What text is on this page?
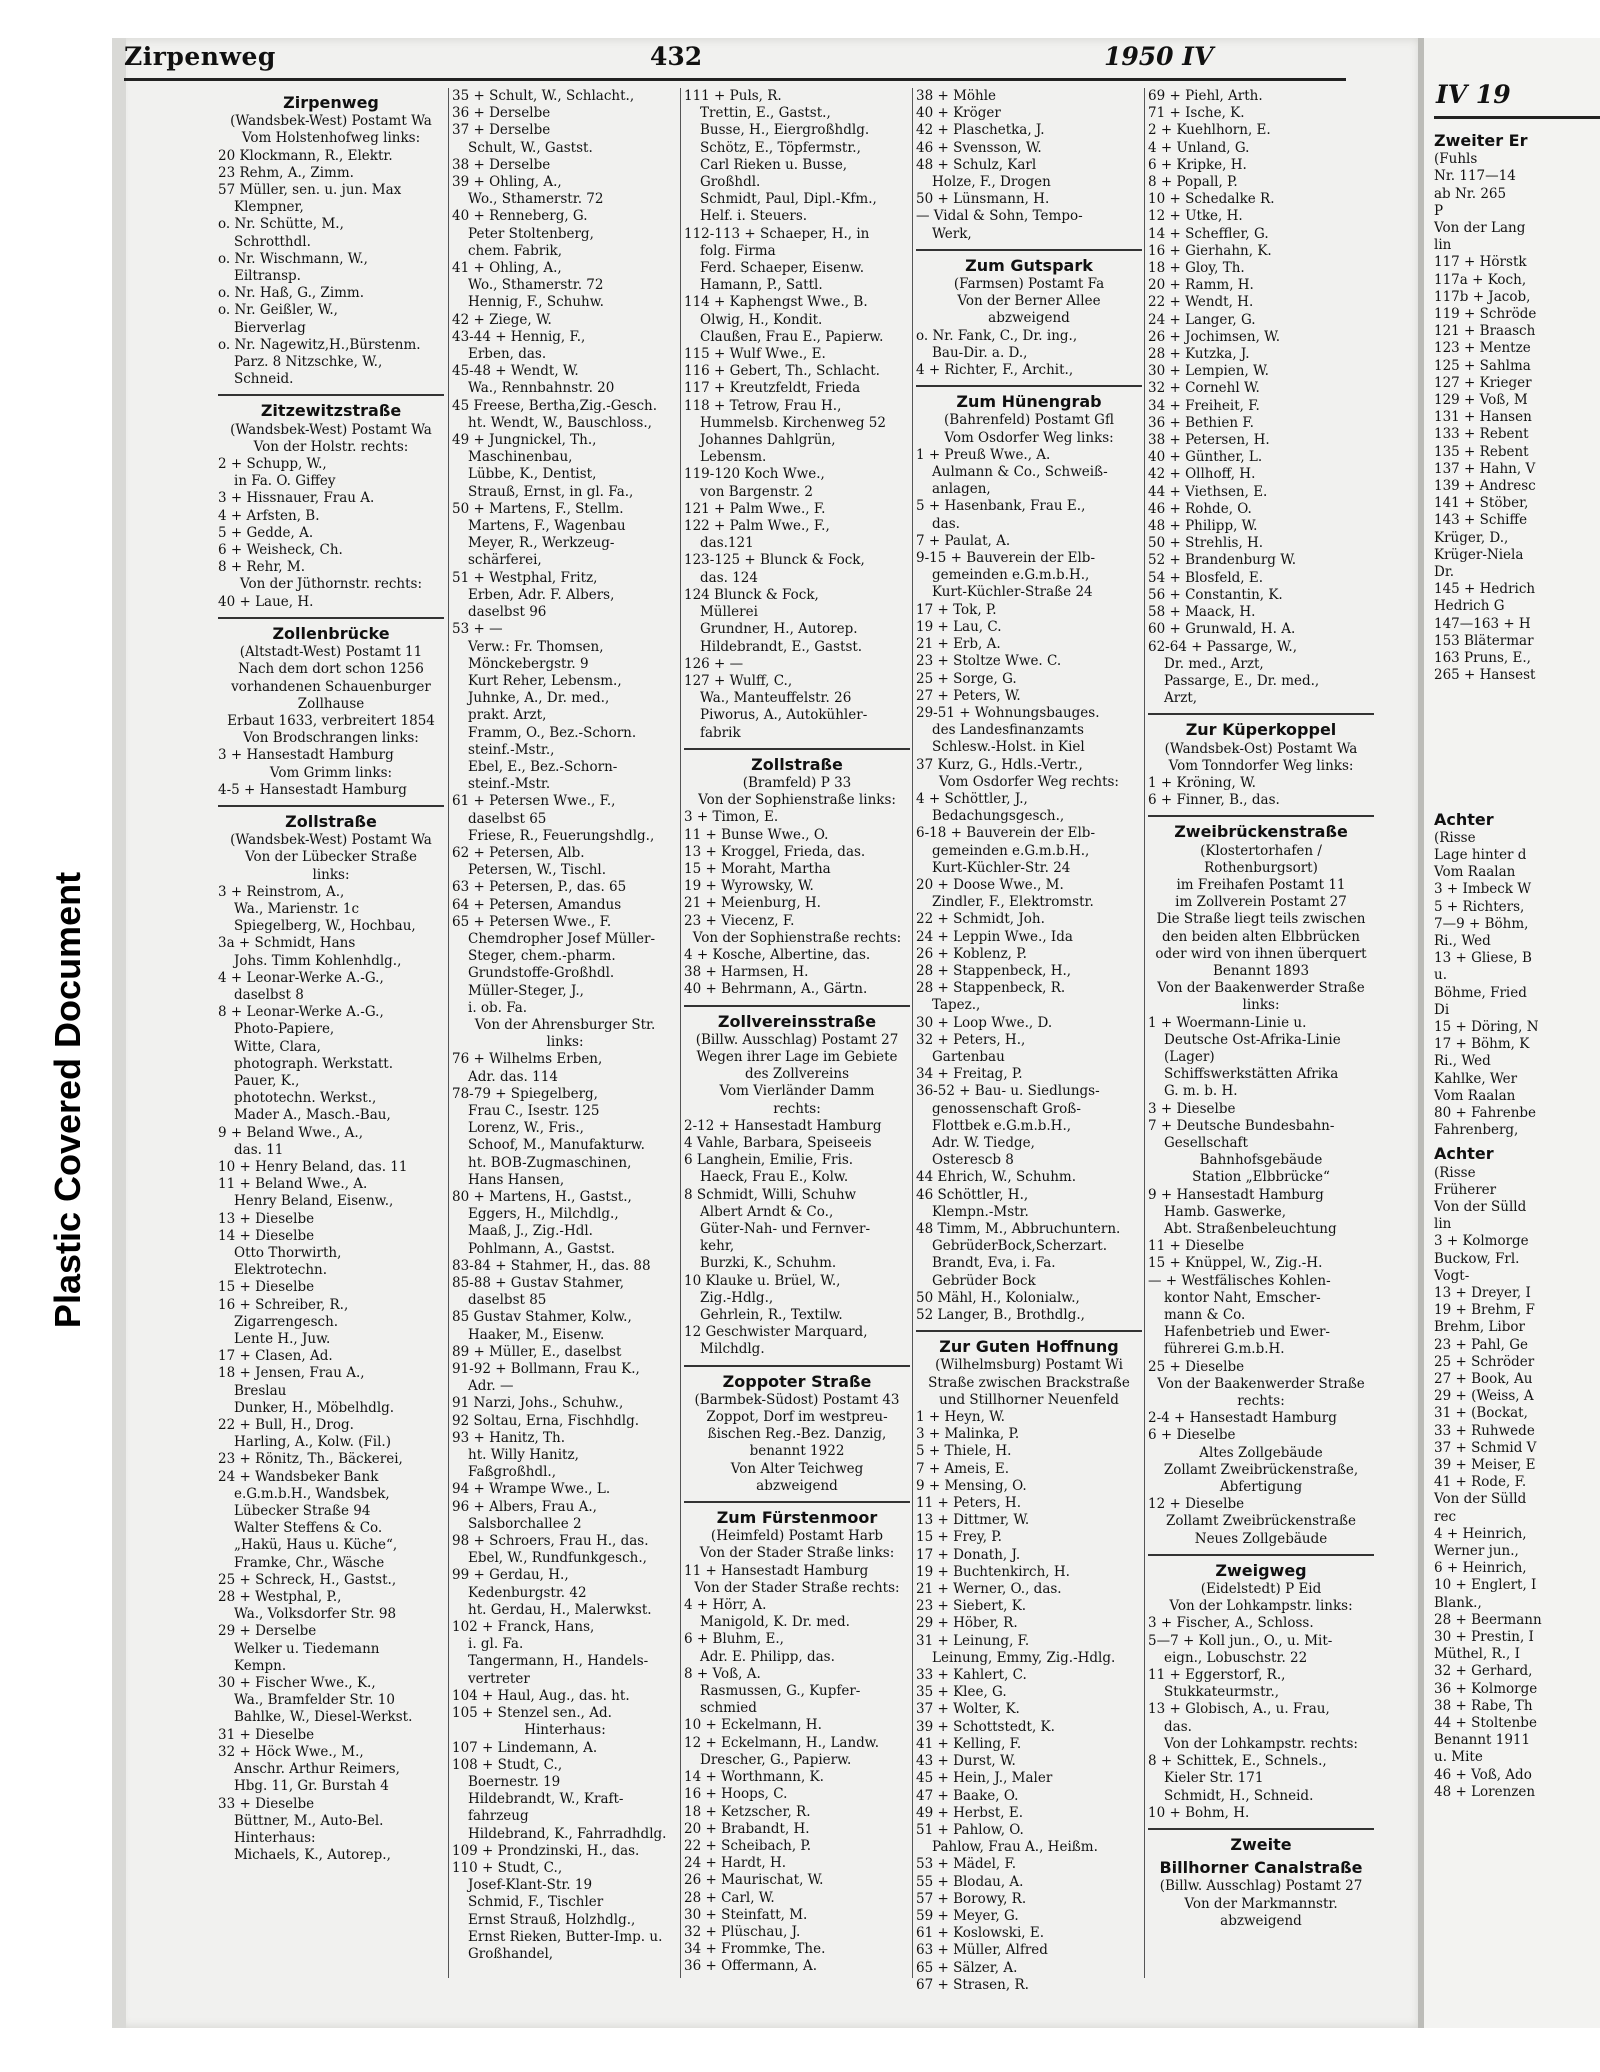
Plastic Covered Document
IV 19
Zweiter Er

(Fuhls

Nr. 117—14

ab Nr. 265

P

Von der Lang

lin

117 + Hörstk

117a + Koch,

117b + Jacob,

119 + Schröde

121 + Braasch

123 + Mentze

125 + Sahlma

127 + Krieger

129 + Voß, M

131 + Hansen

133 + Rebent

135 + Rebent

137 + Hahn, V

139 + Andresc

141 + Stöber,

143 + Schiffe

Krüger, D.,

Krüger-Niela

Dr.

145 + Hedrich

Hedrich G

147—163 + H

153 Blätermar

163 Pruns, E.,

265 + Hansest

Achter

(Risse

Lage hinter d

Vom Raalan

3 + Imbeck W

5 + Richters,

7—9 + Böhm,

Ri., Wed

13 + Gliese, B

u.

Böhme, Fried

Di

15 + Döring, N

17 + Böhm, K

Ri., Wed

Kahlke, Wer

Vom Raalan

80 + Fahrenbe

Fahrenberg,

Achter

(Risse

Früherer

Von der Sülld

lin

3 + Kolmorge

Buckow, Frl.

Vogt-

13 + Dreyer, I

19 + Brehm, F

Brehm, Libor

23 + Pahl, Ge

25 + Schröder

27 + Book, Au

29 + (Weiss, A

31 + (Bockat,

33 + Ruhwede

37 + Schmid V

39 + Meiser, E

41 + Rode, F.

Von der Sülld

rec

4 + Heinrich,

Werner jun.,

6 + Heinrich,

10 + Englert, I

Blank.,

28 + Beermann

30 + Prestin, I

Müthel, R., I

32 + Gerhard,

36 + Kolmorge

38 + Rabe, Th

44 + Stoltenbe

Benannt 1911

u. Mite

46 + Voß, Ado

48 + Lorenzen

Zirpenweg	432	1950 IV
Zirpenweg

(Wandsbek-West) Postamt Wa

Vom Holstenhofweg links:

20 Klockmann, R., Elektr.

23 Rehm, A., Zimm.

57 Müller, sen. u. jun. Max

Klempner,

o. Nr. Schütte, M.,

Schrotthdl.

o. Nr. Wischmann, W.,

Eiltransp.

o. Nr. Haß, G., Zimm.

o. Nr. Geißler, W.,

Bierverlag

o. Nr. Nagewitz,H.,Bürstenm.

Parz. 8 Nitzschke, W.,

Schneid.

Zitzewitzstraße

(Wandsbek-West) Postamt Wa

Von der Holstr. rechts:

2 + Schupp, W.,

in Fa. O. Giffey

3 + Hissnauer, Frau A.

4 + Arfsten, B.

5 + Gedde, A.

6 + Weisheck, Ch.

8 + Rehr, M.

Von der Jüthornstr. rechts:

40 + Laue, H.

Zollenbrücke

(Altstadt-West) Postamt 11

Nach dem dort schon 1256

vorhandenen Schauenburger

Zollhause

Erbaut 1633, verbreitert 1854

Von Brodschrangen links:

3 + Hansestadt Hamburg

Vom Grimm links:

4-5 + Hansestadt Hamburg

Zollstraße

(Wandsbek-West) Postamt Wa

Von der Lübecker Straße

links:

3 + Reinstrom, A.,

Wa., Marienstr. 1c

Spiegelberg, W., Hochbau,

3a + Schmidt, Hans

Johs. Timm Kohlenhdlg.,

4 + Leonar-Werke A.-G.,

daselbst 8

8 + Leonar-Werke A.-G.,

Photo-Papiere,

Witte, Clara,

photograph. Werkstatt.

Pauer, K.,

phototechn. Werkst.,

Mader A., Masch.-Bau,

9 + Beland Wwe., A.,

das. 11

10 + Henry Beland, das. 11

11 + Beland Wwe., A.

Henry Beland, Eisenw.,

13 + Dieselbe

14 + Dieselbe

Otto Thorwirth,

Elektrotechn.

15 + Dieselbe

16 + Schreiber, R.,

Zigarrengesch.

Lente H., Juw.

17 + Clasen, Ad.

18 + Jensen, Frau A.,

Breslau

Dunker, H., Möbelhdlg.

22 + Bull, H., Drog.

Harling, A., Kolw. (Fil.)

23 + Rönitz, Th., Bäckerei,

24 + Wandsbeker Bank

e.G.m.b.H., Wandsbek,

Lübecker Straße 94

Walter Steffens & Co.

„Hakü, Haus u. Küche“,

Framke, Chr., Wäsche

25 + Schreck, H., Gastst.,

28 + Westphal, P.,

Wa., Volksdorfer Str. 98

29 + Derselbe

Welker u. Tiedemann

Kempn.

30 + Fischer Wwe., K.,

Wa., Bramfelder Str. 10

Bahlke, W., Diesel-Werkst.

31 + Dieselbe

32 + Höck Wwe., M.,

Anschr. Arthur Reimers,

Hbg. 11, Gr. Burstah 4

33 + Dieselbe

Büttner, M., Auto-Bel.

Hinterhaus:

Michaels, K., Autorep.,

35 + Schult, W., Schlacht.,

36 + Derselbe

37 + Derselbe

Schult, W., Gastst.

38 + Derselbe

39 + Ohling, A.,

Wo., Sthamerstr. 72

40 + Renneberg, G.

Peter Stoltenberg,

chem. Fabrik,

41 + Ohling, A.,

Wo., Sthamerstr. 72

Hennig, F., Schuhw.

42 + Ziege, W.

43-44 + Hennig, F.,

Erben, das.

45-48 + Wendt, W.

Wa., Rennbahnstr. 20

45 Freese, Bertha,Zig.-Gesch.

ht. Wendt, W., Bauschloss.,

49 + Jungnickel, Th.,

Maschinenbau,

Lübbe, K., Dentist,

Strauß, Ernst, in gl. Fa.,

50 + Martens, F., Stellm.

Martens, F., Wagenbau

Meyer, R., Werkzeug-

schärferei,

51 + Westphal, Fritz,

Erben, Adr. F. Albers,

daselbst 96

53 + —

Verw.: Fr. Thomsen,

Mönckebergstr. 9

Kurt Reher, Lebensm.,

Juhnke, A., Dr. med.,

prakt. Arzt,

Framm, O., Bez.-Schorn.

steinf.-Mstr.,

Ebel, E., Bez.-Schorn-

steinf.-Mstr.

61 + Petersen Wwe., F.,

daselbst 65

Friese, R., Feuerungshdlg.,

62 + Petersen, Alb.

Petersen, W., Tischl.

63 + Petersen, P., das. 65

64 + Petersen, Amandus

65 + Petersen Wwe., F.

Chemdropher Josef Müller-

Steger, chem.-pharm.

Grundstoffe-Großhdl.

Müller-Steger, J.,

i. ob. Fa.

Von der Ahrensburger Str.

links:

76 + Wilhelms Erben,

Adr. das. 114

78-79 + Spiegelberg,

Frau C., Isestr. 125

Lorenz, W., Fris.,

Schoof, M., Manufakturw.

ht. BOB-Zugmaschinen,

Hans Hansen,

80 + Martens, H., Gastst.,

Eggers, H., Milchdlg.,

Maaß, J., Zig.-Hdl.

Pohlmann, A., Gastst.

83-84 + Stahmer, H., das. 88

85-88 + Gustav Stahmer,

daselbst 85

85 Gustav Stahmer, Kolw.,

Haaker, M., Eisenw.

89 + Müller, E., daselbst

91-92 + Bollmann, Frau K.,

Adr. —

91 Narzi, Johs., Schuhw.,

92 Soltau, Erna, Fischhdlg.

93 + Hanitz, Th.

ht. Willy Hanitz,

Faßgroßhdl.,

94 + Wrampe Wwe., L.

96 + Albers, Frau A.,

Salsborchallee 2

98 + Schroers, Frau H., das.

Ebel, W., Rundfunkgesch.,

99 + Gerdau, H.,

Kedenburgstr. 42

ht. Gerdau, H., Malerwkst.

102 + Franck, Hans,

i. gl. Fa.

Tangermann, H., Handels-

vertreter

104 + Haul, Aug., das. ht.

105 + Stenzel sen., Ad.

Hinterhaus:

107 + Lindemann, A.

108 + Studt, C.,

Boernestr. 19

Hildebrandt, W., Kraft-

fahrzeug

Hildebrand, K., Fahrradhdlg.

109 + Prondzinski, H., das.

110 + Studt, C.,

Josef-Klant-Str. 19

Schmid, F., Tischler

Ernst Strauß, Holzhdlg.,

Ernst Rieken, Butter-Imp. u.

Großhandel,

111 + Puls, R.

Trettin, E., Gastst.,

Busse, H., Eiergroßhdlg.

Schötz, E., Töpfermstr.,

Carl Rieken u. Busse,

Großhdl.

Schmidt, Paul, Dipl.-Kfm.,

Helf. i. Steuers.

112-113 + Schaeper, H., in

folg. Firma

Ferd. Schaeper, Eisenw.

Hamann, P., Sattl.

114 + Kaphengst Wwe., B.

Olwig, H., Kondit.

Claußen, Frau E., Papierw.

115 + Wulf Wwe., E.

116 + Gebert, Th., Schlacht.

117 + Kreutzfeldt, Frieda

118 + Tetrow, Frau H.,

Hummelsb. Kirchenweg 52

Johannes Dahlgrün,

Lebensm.

119-120 Koch Wwe.,

von Bargenstr. 2

121 + Palm Wwe., F.

122 + Palm Wwe., F.,

das.121

123-125 + Blunck & Fock,

das. 124

124 Blunck & Fock,

Müllerei

Grundner, H., Autorep.

Hildebrandt, E., Gastst.

126 + —

127 + Wulff, C.,

Wa., Manteuffelstr. 26

Piworus, A., Autokühler-

fabrik

Zollstraße

(Bramfeld) P 33

Von der Sophienstraße links:

3 + Timon, E.

11 + Bunse Wwe., O.

13 + Kroggel, Frieda, das.

15 + Moraht, Martha

19 + Wyrowsky, W.

21 + Meienburg, H.

23 + Viecenz, F.

Von der Sophienstraße rechts:

4 + Kosche, Albertine, das.

38 + Harmsen, H.

40 + Behrmann, A., Gärtn.

Zollvereinsstraße

(Billw. Ausschlag) Postamt 27

Wegen ihrer Lage im Gebiete

des Zollvereins

Vom Vierländer Damm

rechts:

2-12 + Hansestadt Hamburg

4 Vahle, Barbara, Speiseeis

6 Langhein, Emilie, Fris.

Haeck, Frau E., Kolw.

8 Schmidt, Willi, Schuhw

Albert Arndt & Co.,

Güter-Nah- und Fernver-

kehr,

Burzki, K., Schuhm.

10 Klauke u. Brüel, W.,

Zig.-Hdlg.,

Gehrlein, R., Textilw.

12 Geschwister Marquard,

Milchdlg.

Zoppoter Straße

(Barmbek-Südost) Postamt 43

Zoppot, Dorf im westpreu-

ßischen Reg.-Bez. Danzig,

benannt 1922

Von Alter Teichweg

abzweigend

Zum Fürstenmoor

(Heimfeld) Postamt Harb

Von der Stader Straße links:

11 + Hansestadt Hamburg

Von der Stader Straße rechts:

4 + Hörr, A.

Manigold, K. Dr. med.

6 + Bluhm, E.,

Adr. E. Philipp, das.

8 + Voß, A.

Rasmussen, G., Kupfer-

schmied

10 + Eckelmann, H.

12 + Eckelmann, H., Landw.

Drescher, G., Papierw.

14 + Worthmann, K.

16 + Hoops, C.

18 + Ketzscher, R.

20 + Brabandt, H.

22 + Scheibach, P.

24 + Hardt, H.

26 + Maurischat, W.

28 + Carl, W.

30 + Steinfatt, M.

32 + Plüschau, J.

34 + Frommke, The.

36 + Offermann, A.

38 + Möhle

40 + Kröger

42 + Plaschetka, J.

46 + Svensson, W.

48 + Schulz, Karl

Holze, F., Drogen

50 + Lünsmann, H.

— Vidal & Sohn, Tempo-

Werk,

Zum Gutspark

(Farmsen) Postamt Fa

Von der Berner Allee

abzweigend

o. Nr. Fank, C., Dr. ing.,

Bau-Dir. a. D.,

4 + Richter, F., Archit.,

Zum Hünengrab

(Bahrenfeld) Postamt Gfl

Vom Osdorfer Weg links:

1 + Preuß Wwe., A.

Aulmann & Co., Schweiß-

anlagen,

5 + Hasenbank, Frau E.,

das.

7 + Paulat, A.

9-15 + Bauverein der Elb-

gemeinden e.G.m.b.H.,

Kurt-Küchler-Straße 24

17 + Tok, P.

19 + Lau, C.

21 + Erb, A.

23 + Stoltze Wwe. C.

25 + Sorge, G.

27 + Peters, W.

29-51 + Wohnungsbauges.

des Landesfinanzamts

Schlesw.-Holst. in Kiel

37 Kurz, G., Hdls.-Vertr.,

Vom Osdorfer Weg rechts:

4 + Schöttler, J.,

Bedachungsgesch.,

6-18 + Bauverein der Elb-

gemeinden e.G.m.b.H.,

Kurt-Küchler-Str. 24

20 + Doose Wwe., M.

Zindler, F., Elektromstr.

22 + Schmidt, Joh.

24 + Leppin Wwe., Ida

26 + Koblenz, P.

28 + Stappenbeck, H.,

28 + Stappenbeck, R.

Tapez.,

30 + Loop Wwe., D.

32 + Peters, H.,

Gartenbau

34 + Freitag, P.

36-52 + Bau- u. Siedlungs-

genossenschaft Groß-

Flottbek e.G.m.b.H.,

Adr. W. Tiedge,

Osterescb 8

44 Ehrich, W., Schuhm.

46 Schöttler, H.,

Klempn.-Mstr.

48 Timm, M., Abbruchuntern.

GebrüderBock,Scherzart.

Brandt, Eva, i. Fa.

Gebrüder Bock

50 Mähl, H., Kolonialw.,

52 Langer, B., Brothdlg.,

Zur Guten Hoffnung

(Wilhelmsburg) Postamt Wi

Straße zwischen Brackstraße

und Stillhorner Neuenfeld

1 + Heyn, W.

3 + Malinka, P.

5 + Thiele, H.

7 + Ameis, E.

9 + Mensing, O.

11 + Peters, H.

13 + Dittmer, W.

15 + Frey, P.

17 + Donath, J.

19 + Buchtenkirch, H.

21 + Werner, O., das.

23 + Siebert, K.

29 + Höber, R.

31 + Leinung, F.

Leinung, Emmy, Zig.-Hdlg.

33 + Kahlert, C.

35 + Klee, G.

37 + Wolter, K.

39 + Schottstedt, K.

41 + Kelling, F.

43 + Durst, W.

45 + Hein, J., Maler

47 + Baake, O.

49 + Herbst, E.

51 + Pahlow, O.

Pahlow, Frau A., Heißm.

53 + Mädel, F.

55 + Blodau, A.

57 + Borowy, R.

59 + Meyer, G.

61 + Koslowski, E.

63 + Müller, Alfred

65 + Sälzer, A.

67 + Strasen, R.

69 + Piehl, Arth.

71 + Ische, K.

2 + Kuehlhorn, E.

4 + Unland, G.

6 + Kripke, H.

8 + Popall, P.

10 + Schedalke R.

12 + Utke, H.

14 + Scheffler, G.

16 + Gierhahn, K.

18 + Gloy, Th.

20 + Ramm, H.

22 + Wendt, H.

24 + Langer, G.

26 + Jochimsen, W.

28 + Kutzka, J.

30 + Lempien, W.

32 + Cornehl W.

34 + Freiheit, F.

36 + Bethien F.

38 + Petersen, H.

40 + Günther, L.

42 + Ollhoff, H.

44 + Viethsen, E.

46 + Rohde, O.

48 + Philipp, W.

50 + Strehlis, H.

52 + Brandenburg W.

54 + Blosfeld, E.

56 + Constantin, K.

58 + Maack, H.

60 + Grunwald, H. A.

62-64 + Passarge, W.,

Dr. med., Arzt,

Passarge, E., Dr. med.,

Arzt,

Zur Küperkoppel

(Wandsbek-Ost) Postamt Wa

Vom Tonndorfer Weg links:

1 + Kröning, W.

6 + Finner, B., das.

Zweibrückenstraße

(Klostertorhafen /

Rothenburgsort)

im Freihafen Postamt 11

im Zollverein Postamt 27

Die Straße liegt teils zwischen

den beiden alten Elbbrücken

oder wird von ihnen überquert

Benannt 1893

Von der Baakenwerder Straße

links:

1 + Woermann-Linie u.

Deutsche Ost-Afrika-Linie

(Lager)

Schiffswerkstätten Afrika

G. m. b. H.

3 + Dieselbe

7 + Deutsche Bundesbahn-

Gesellschaft

Bahnhofsgebäude

Station „Elbbrücke“

9 + Hansestadt Hamburg

Hamb. Gaswerke,

Abt. Straßenbeleuchtung

11 + Dieselbe

15 + Knüppel, W., Zig.-H.

— + Westfälisches Kohlen-

kontor Naht, Emscher-

mann & Co.

Hafenbetrieb und Ewer-

führerei G.m.b.H.

25 + Dieselbe

Von der Baakenwerder Straße

rechts:

2-4 + Hansestadt Hamburg

6 + Dieselbe

Altes Zollgebäude

Zollamt Zweibrückenstraße,

Abfertigung

12 + Dieselbe

Zollamt Zweibrückenstraße

Neues Zollgebäude

Zweigweg

(Eidelstedt) P Eid

Von der Lohkampstr. links:

3 + Fischer, A., Schloss.

5—7 + Koll jun., O., u. Mit-

eign., Lobuschstr. 22

11 + Eggerstorf, R.,

Stukkateurmstr.,

13 + Globisch, A., u. Frau,

das.

Von der Lohkampstr. rechts:

8 + Schittek, E., Schnels.,

Kieler Str. 171

Schmidt, H., Schneid.

10 + Bohm, H.

Zweite
Billhorner Canalstraße

(Billw. Ausschlag) Postamt 27

Von der Markmannstr.

abzweigend
